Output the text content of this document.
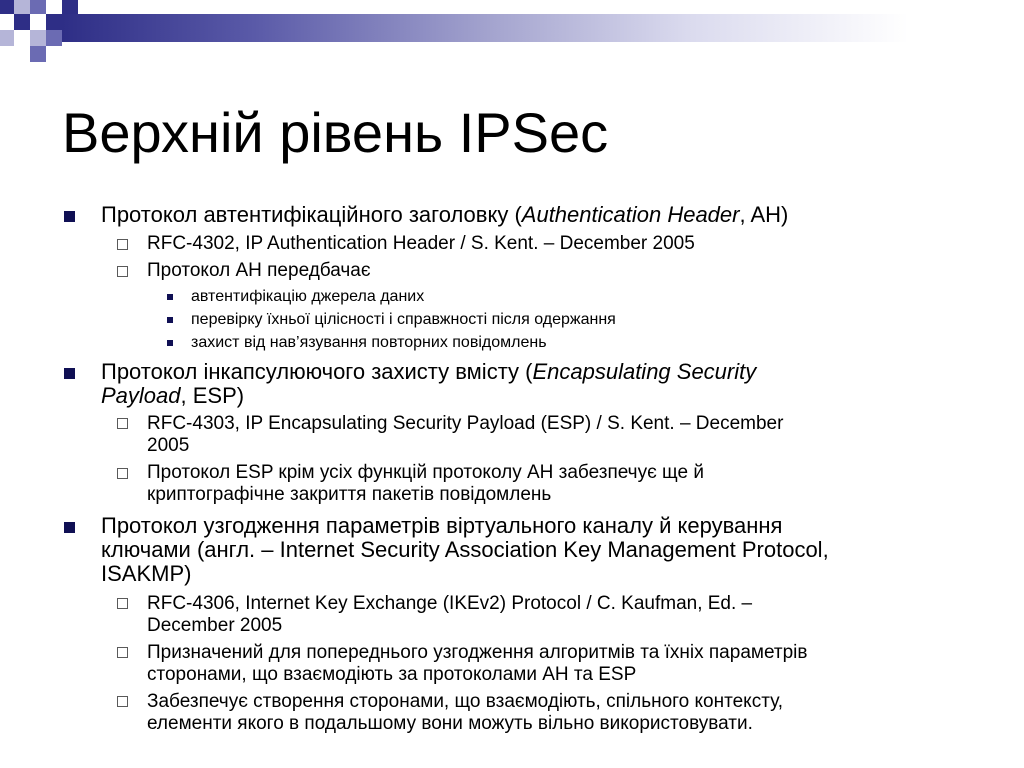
Верхній рівень IPSec
Протокол автентифікаційного заголовку (Authentication Header, AH)
RFC-4302, IP Authentication Header / S. Kent. – December 2005
Протокол AH передбачає
автентифікацію джерела даних
перевірку їхньої цілісності і справжності після одержання
захист від нав’язування повторних повідомлень
Протокол інкапсулюючого захисту вмісту (Encapsulating Security
Payload, ESP)
RFC-4303, IP Encapsulating Security Payload (ESP) / S. Kent. – December
2005
Протокол ESP крім усіх функцій протоколу AH забезпечує ще й
криптографічне закриття пакетів повідомлень
Протокол узгодження параметрів віртуального каналу й керування
ключами (англ. – Internet Security Association Key Management Protocol,
ISAKMP)
RFC-4306, Internet Key Exchange (IKEv2) Protocol / C. Kaufman, Ed. –
December 2005
Призначений для попереднього узгодження алгоритмів та їхніх параметрів
сторонами, що взаємодіють за протоколами AH та ESP
Забезпечує створення сторонами, що взаємодіють, спільного контексту,
елементи якого в подальшому вони можуть вільно використовувати.
